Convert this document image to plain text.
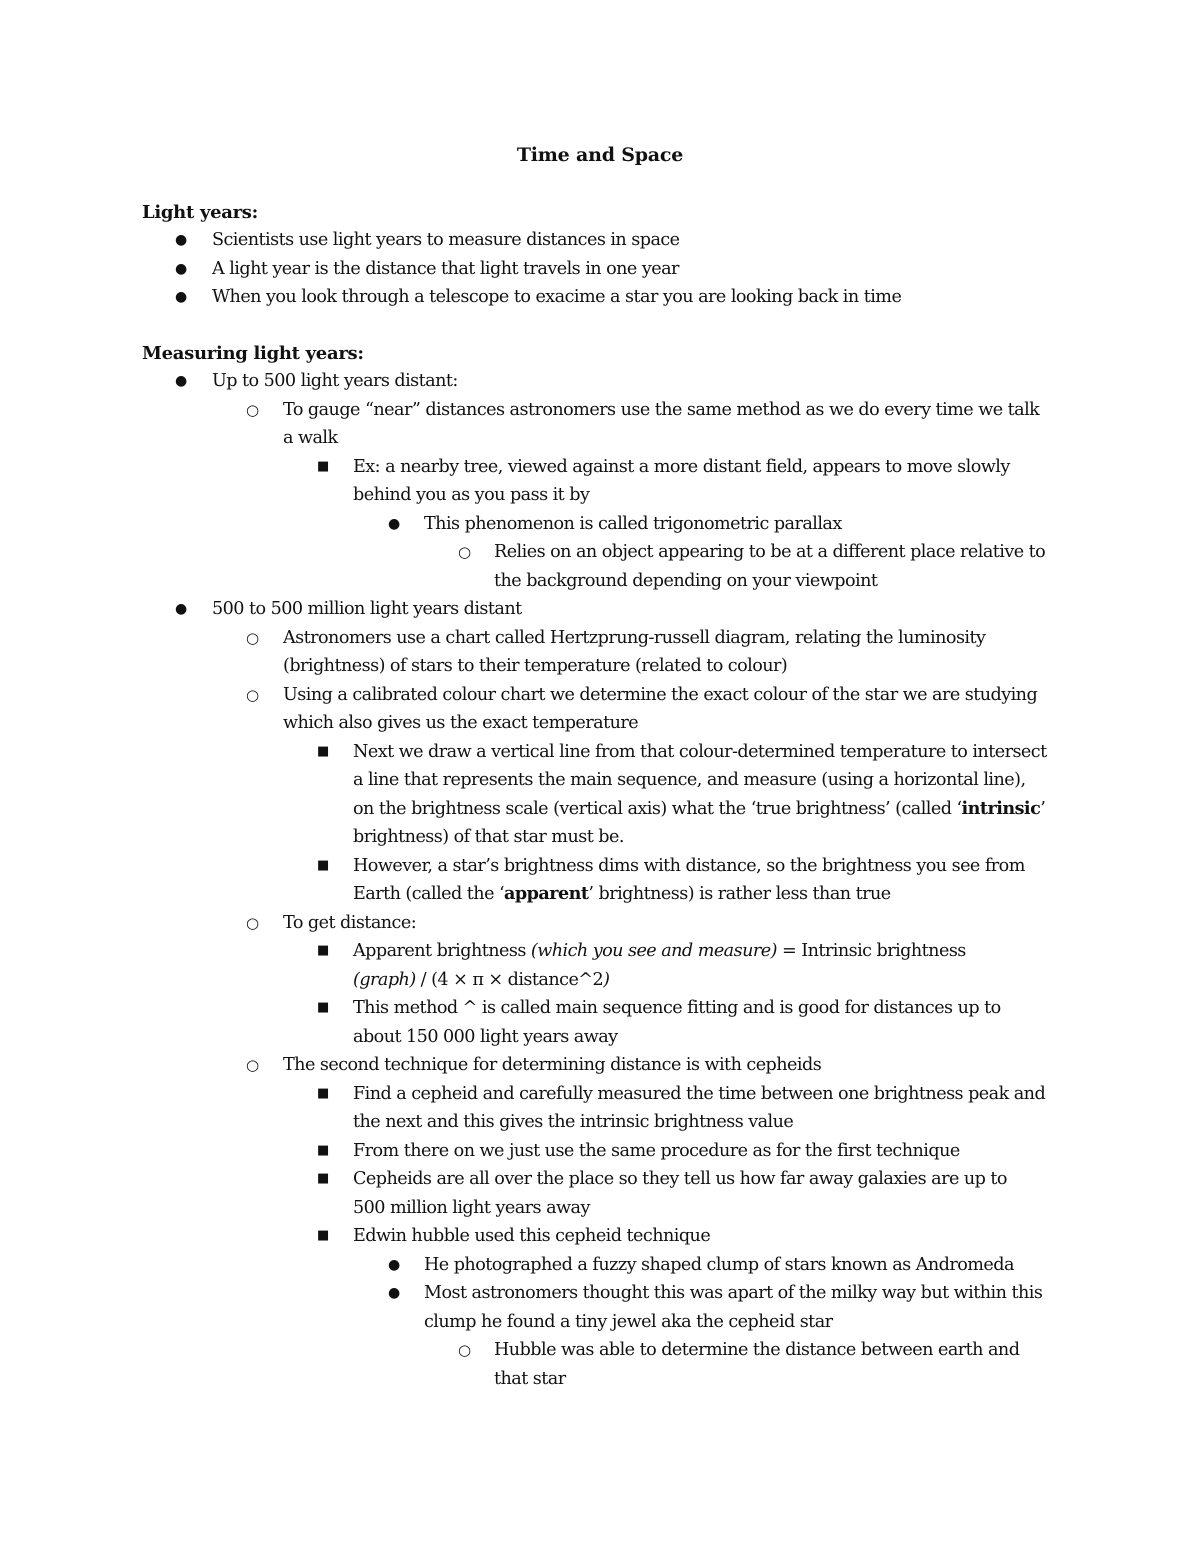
Time and Space
Light years:
● Scientists use light years to measure distances in space
● A light year is the distance that light travels in one year
● When you look through a telescope to exacime a star you are looking back in time
Measuring light years:
● Up to 500 light years distant:
○ To gauge “near” distances astronomers use the same method as we do every time we talk
a walk
■ Ex: a nearby tree, viewed against a more distant field, appears to move slowly
behind you as you pass it by
● This phenomenon is called trigonometric parallax
○ Relies on an object appearing to be at a different place relative to
the background depending on your viewpoint
● 500 to 500 million light years distant
○ Astronomers use a chart called Hertzprung-russell diagram, relating the luminosity
(brightness) of stars to their temperature (related to colour)
○ Using a calibrated colour chart we determine the exact colour of the star we are studying
which also gives us the exact temperature
■ Next we draw a vertical line from that colour-determined temperature to intersect
a line that represents the main sequence, and measure (using a horizontal line),
on the brightness scale (vertical axis) what the ‘true brightness’ (called ‘intrinsic’
brightness) of that star must be.
■ However, a star’s brightness dims with distance, so the brightness you see from
Earth (called the ‘apparent’ brightness) is rather less than true
○ To get distance:
■ Apparent brightness (which you see and measure) = Intrinsic brightness
(graph) / (4 × π × distance^2)
■ This method ^ is called main sequence fitting and is good for distances up to
about 150 000 light years away
○ The second technique for determining distance is with cepheids
■ Find a cepheid and carefully measured the time between one brightness peak and
the next and this gives the intrinsic brightness value
■ From there on we just use the same procedure as for the first technique
■ Cepheids are all over the place so they tell us how far away galaxies are up to
500 million light years away
■ Edwin hubble used this cepheid technique
● He photographed a fuzzy shaped clump of stars known as Andromeda
● Most astronomers thought this was apart of the milky way but within this
clump he found a tiny jewel aka the cepheid star
○ Hubble was able to determine the distance between earth and
that star
